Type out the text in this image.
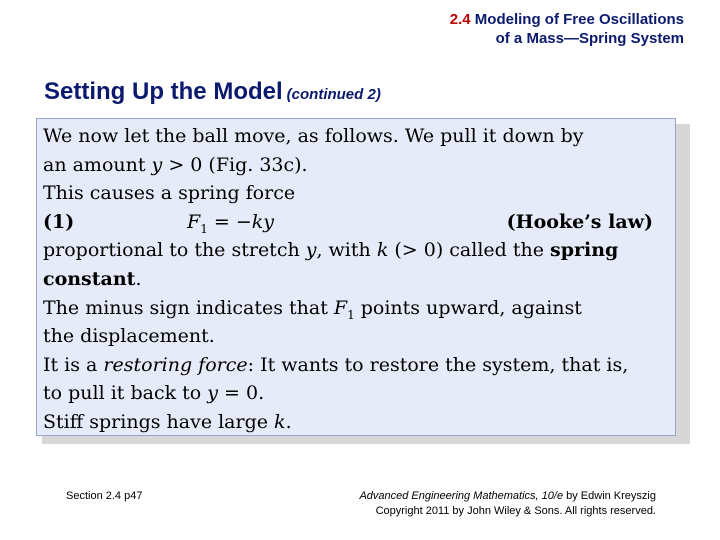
2.4 Modeling of Free Oscillations
of a Mass—Spring System
Setting Up the Model (continued 2)

We now let the ball move, as follows. We pull it down by

an amount y > 0 (Fig. 33c).

This causes a spring force

(1)	$F_1 = -ky$	(Hooke’s law)

proportional to the stretch y, with k (> 0) called the spring

constant.

The minus sign indicates that $F_1$ points upward, against

the displacement.

It is a restoring force: It wants to restore the system, that is,

to pull it back to y = 0.

Stiff springs have large k.

Section 2.4 p47	Advanced Engineering Mathematics, 10/e by Edwin Kreyszig
Copyright 2011 by John Wiley & Sons. All rights reserved.
